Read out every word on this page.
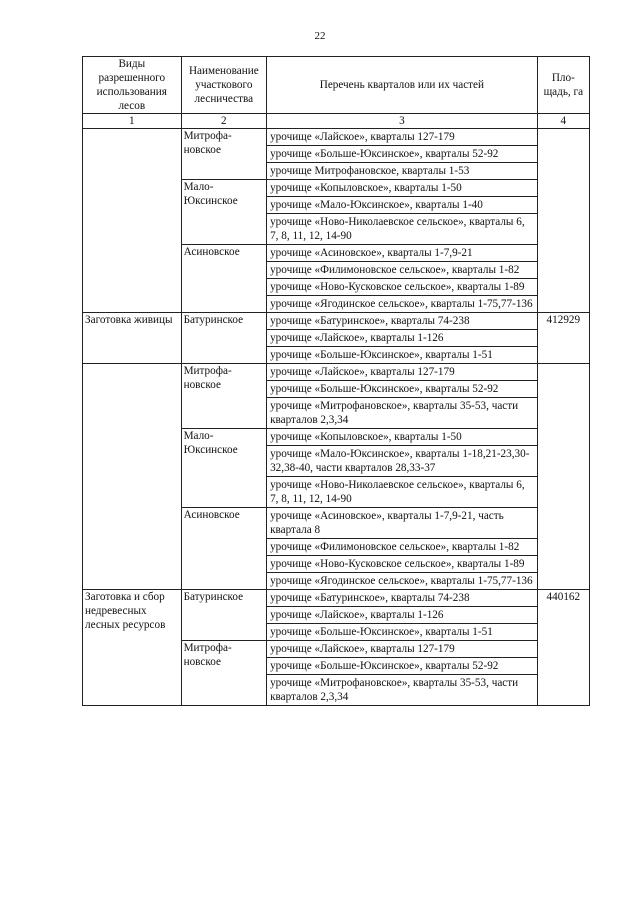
22
Виды разрешенного использования лесов	Наименование участкового лесничества	Перечень кварталов или их частей	Пло-щадь, га
1	2	3	4
	Митрофа-новское	урочище «Лайское», кварталы 127-179
урочище «Больше-Юксинское», кварталы 52-92
урочище Митрофановское, кварталы 1-53	

	Мало-Юксинское	урочище «Копыловское», кварталы 1-50
урочище «Мало-Юксинское», кварталы 1-40
урочище «Ново-Николаевское сельское», кварталы 6, 7, 8, 11, 12, 14-90	

	Асиновское	урочище «Асиновское», кварталы 1-7,9-21
урочище «Филимоновское сельское», кварталы 1-82
урочище «Ново-Кусковское сельское», кварталы 1-89
урочище «Ягодинское сельское», кварталы 1-75,77-136	

Заготовка живицы	Батуринское	урочище «Батуринское», кварталы 74-238
урочище «Лайское», кварталы 1-126
урочище «Больше-Юксинское», кварталы 1-51	412929
	Митрофа-новское	урочище «Лайское», кварталы 127-179
урочище «Больше-Юксинское», кварталы 52-92
урочище «Митрофановское», кварталы 35-53, части кварталов 2,3,34	

	Мало-Юксинское	урочище «Копыловское», кварталы 1-50
урочище «Мало-Юксинское», кварталы 1-18,21-23,30-32,38-40, части кварталов 28,33-37
урочище «Ново-Николаевское сельское», кварталы 6, 7, 8, 11, 12, 14-90	

	Асиновское	урочище «Асиновское», кварталы 1-7,9-21, часть квартала 8
урочище «Филимоновское сельское», кварталы 1-82
урочище «Ново-Кусковское сельское», кварталы 1-89
урочище «Ягодинское сельское», кварталы 1-75,77-136	

Заготовка и сбор недревесных лесных ресурсов	Батуринское	урочище «Батуринское», кварталы 74-238
урочище «Лайское», кварталы 1-126
урочище «Больше-Юксинское», кварталы 1-51	440162
	Митрофа-новское	урочище «Лайское», кварталы 127-179
урочище «Больше-Юксинское», кварталы 52-92
урочище «Митрофановское», кварталы 35-53, части кварталов 2,3,34	
